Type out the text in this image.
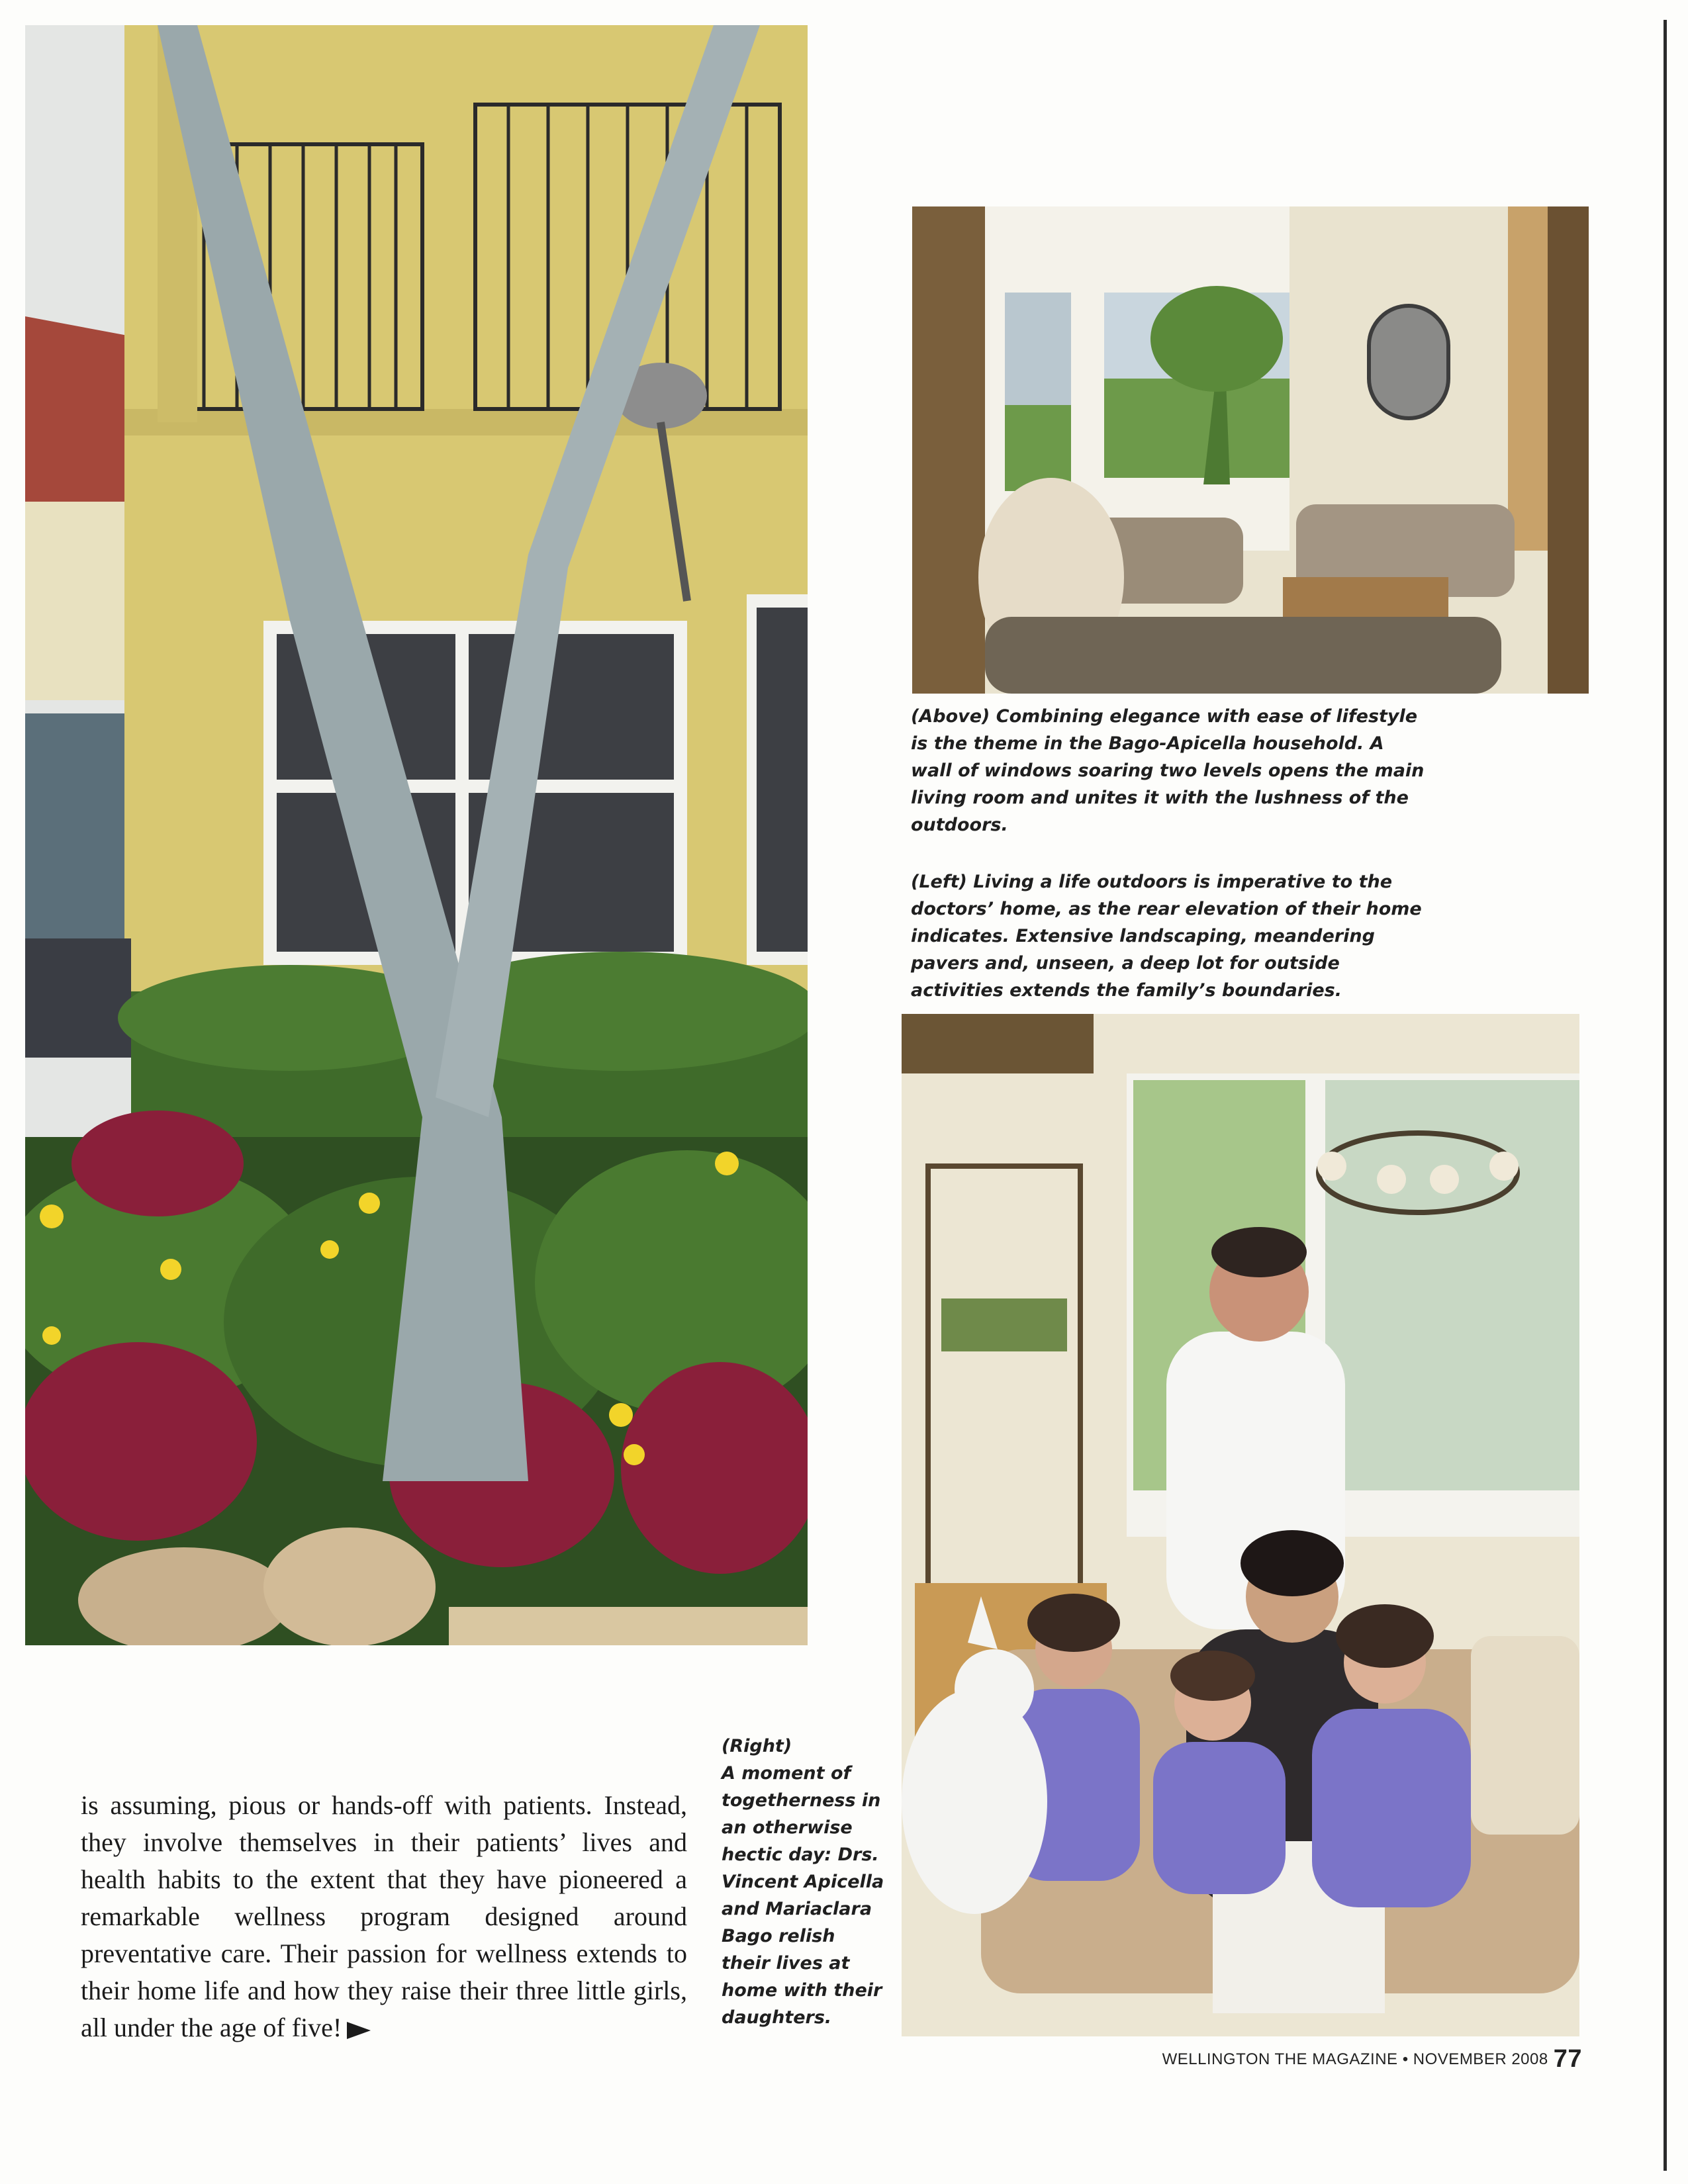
(Above) Combining elegance with ease of lifestyle is the theme in the Bago-Apicella household. A wall of windows soaring two levels opens the main living room and unites it with the lushness of the outdoors.

(Left) Living a life outdoors is imperative to the doctors’ home, as the rear elevation of their home indicates. Extensive landscaping, meandering pavers and, unseen, a deep lot for outside activities extends the family’s boundaries.

(Right)
A moment of togetherness in an otherwise hectic day: Drs. Vincent Apicella and Mariaclara Bago relish their lives at home with their daughters.

is assuming, pious or hands-off with patients. Instead, they involve themselves in their patients’ lives and health habits to the extent that they have pioneered a remarkable wellness program designed around preventative care. Their passion for wellness extends to their home life and how they raise their three little girls, all under the age of five!

WELLINGTON THE MAGAZINE • NOVEMBER 2008 77
